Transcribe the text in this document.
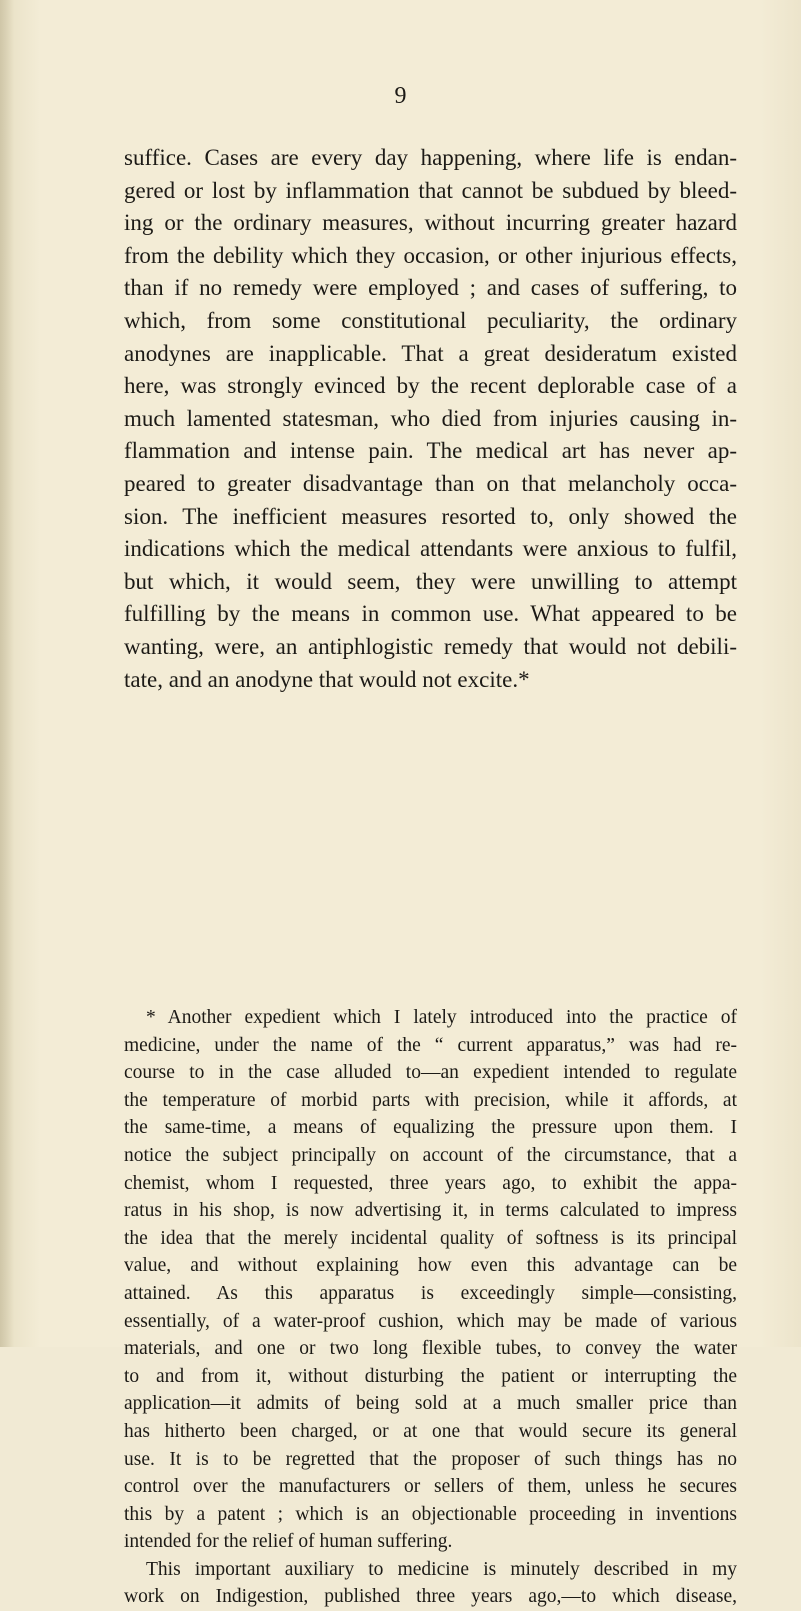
9
suffice. Cases are every day happening, where life is endan-
gered or lost by inflammation that cannot be subdued by bleed-
ing or the ordinary measures, without incurring greater hazard
from the debility which they occasion, or other injurious effects,
than if no remedy were employed ; and cases of suffering, to
which, from some constitutional peculiarity, the ordinary
anodynes are inapplicable. That a great desideratum existed
here, was strongly evinced by the recent deplorable case of a
much lamented statesman, who died from injuries causing in-
flammation and intense pain. The medical art has never ap-
peared to greater disadvantage than on that melancholy occa-
sion. The inefficient measures resorted to, only showed the
indications which the medical attendants were anxious to fulfil,
but which, it would seem, they were unwilling to attempt
fulfilling by the means in common use. What appeared to be
wanting, were, an antiphlogistic remedy that would not debili-
tate, and an anodyne that would not excite.*
* Another expedient which I lately introduced into the practice of
medicine, under the name of the “ current apparatus,” was had re-
course to in the case alluded to—an expedient intended to regulate
the temperature of morbid parts with precision, while it affords, at
the same-time, a means of equalizing the pressure upon them. I
notice the subject principally on account of the circumstance, that a
chemist, whom I requested, three years ago, to exhibit the appa-
ratus in his shop, is now advertising it, in terms calculated to impress
the idea that the merely incidental quality of softness is its principal
value, and without explaining how even this advantage can be
attained. As this apparatus is exceedingly simple—consisting,
essentially, of a water-proof cushion, which may be made of various
materials, and one or two long flexible tubes, to convey the water
to and from it, without disturbing the patient or interrupting the
application—it admits of being sold at a much smaller price than
has hitherto been charged, or at one that would secure its general
use. It is to be regretted that the proposer of such things has no
control over the manufacturers or sellers of them, unless he secures
this by a patent ; which is an objectionable proceeding in inventions
intended for the relief of human suffering.
This important auxiliary to medicine is minutely described in my
work on Indigestion, published three years ago,—to which disease,
